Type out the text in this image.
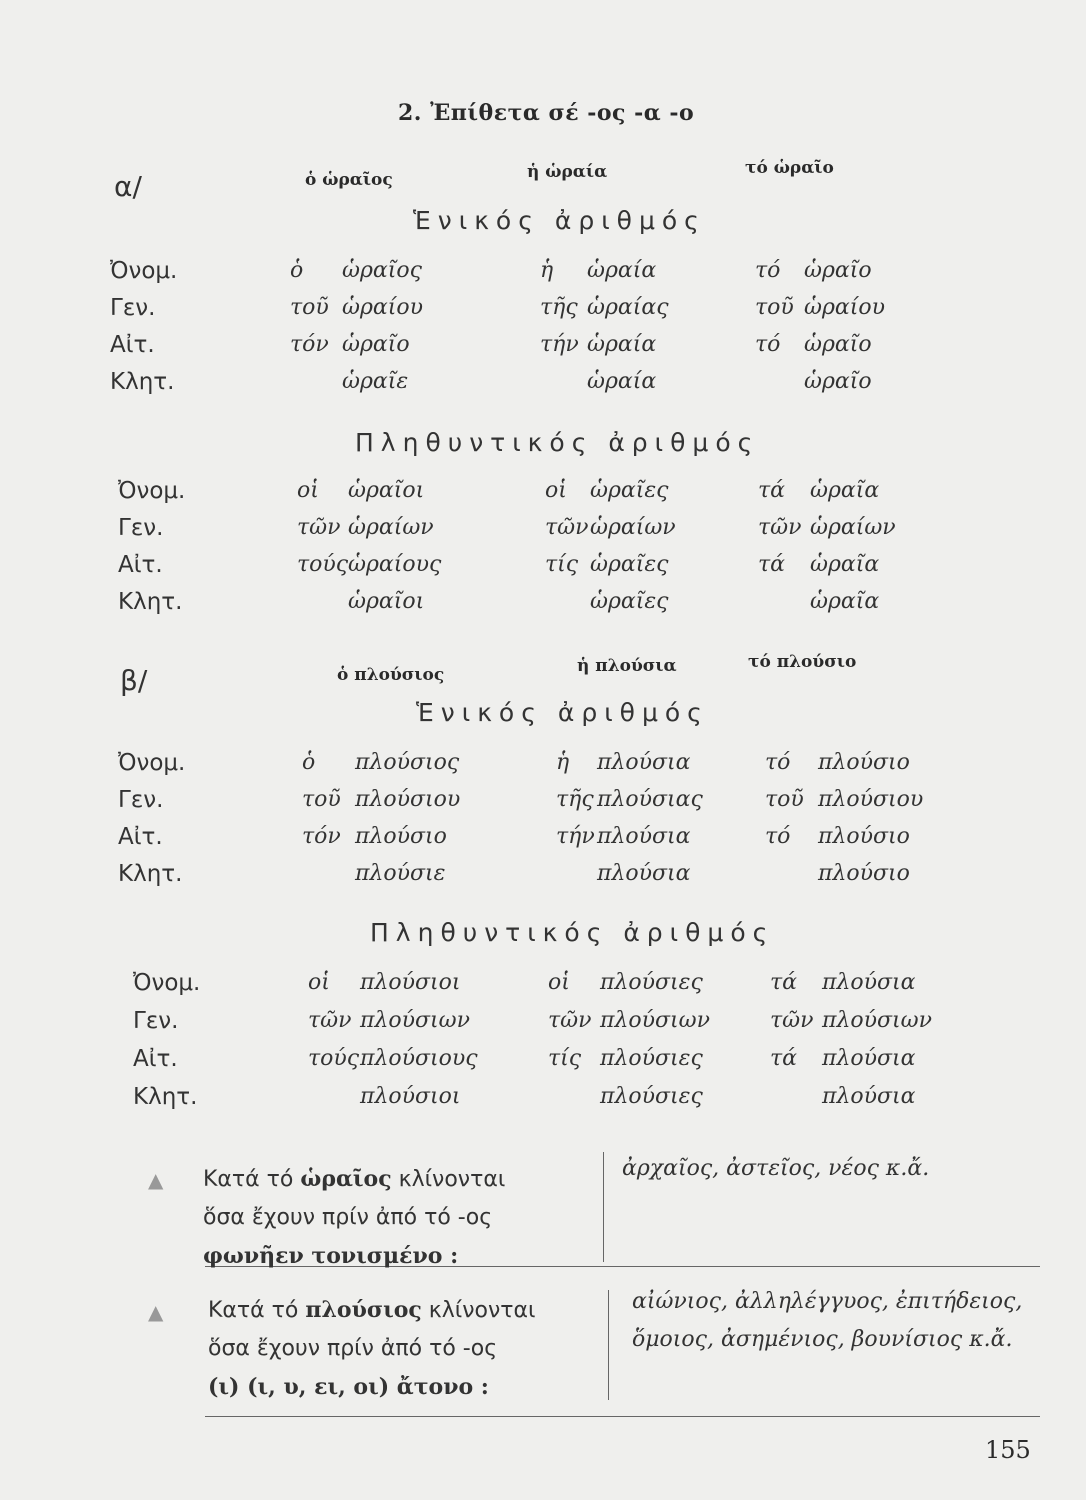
2. Ἐπίθετα σέ -ος -α -ο
α/	ὁ ὡραῖος	ἡ ὡραία	τό ὡραῖο
Ἑνικός ἀριθμός
Ὀνομ.	ὁ ὡραῖος	ἡ ὡραία	τό ὡραῖο
Γεν.	τοῦ ὡραίου	τῆς ὡραίας	τοῦ ὡραίου
Αἰτ.	τόν ὡραῖο	τήν ὡραία	τό ὡραῖο
Κλητ.	ὡραῖε	ὡραία	ὡραῖο
Πληθυντικός ἀριθμός
Ὀνομ.	οἱ ὡραῖοι	οἱ ὡραῖες	τά ὡραῖα
Γεν.	τῶν ὡραίων	τῶν ὡραίων	τῶν ὡραίων
Αἰτ.	τούς ὡραίους	τίς ὡραῖες	τά ὡραῖα
Κλητ.	ὡραῖοι	ὡραῖες	ὡραῖα
β/	ὁ πλούσιος	ἡ πλούσια	τό πλούσιο
Ἑνικός ἀριθμός
Ὀνομ.	ὁ πλούσιος	ἡ πλούσια	τό πλούσιο
Γεν.	τοῦ πλούσιου	τῆς πλούσιας	τοῦ πλούσιου
Αἰτ.	τόν πλούσιο	τήν πλούσια	τό πλούσιο
Κλητ.	πλούσιε	πλούσια	πλούσιο
Πληθυντικός ἀριθμός
Ὀνομ.	οἱ πλούσιοι	οἱ πλούσιες	τά πλούσια
Γεν.	τῶν πλούσιων	τῶν πλούσιων	τῶν πλούσιων
Αἰτ.	τούς πλούσιους	τίς πλούσιες	τά πλούσια
Κλητ.	πλούσιοι	πλούσιες	πλούσια
▲ Κατά τό ὡραῖος κλίνονται
ὅσα ἔχουν πρίν ἀπό τό -ος
φωνῆεν τονισμένο :
ἀρχαῖος, ἀστεῖος, νέος κ.ἄ.
▲ Κατά τό πλούσιος κλίνονται
ὅσα ἔχουν πρίν ἀπό τό -ος
(ι) (ι, υ, ει, οι) ἄτονο :
αἰώνιος, ἀλληλέγγυος, ἐπιτήδειος,
ὅμοιος, ἀσημένιος, βουνίσιος κ.ἄ.
155
